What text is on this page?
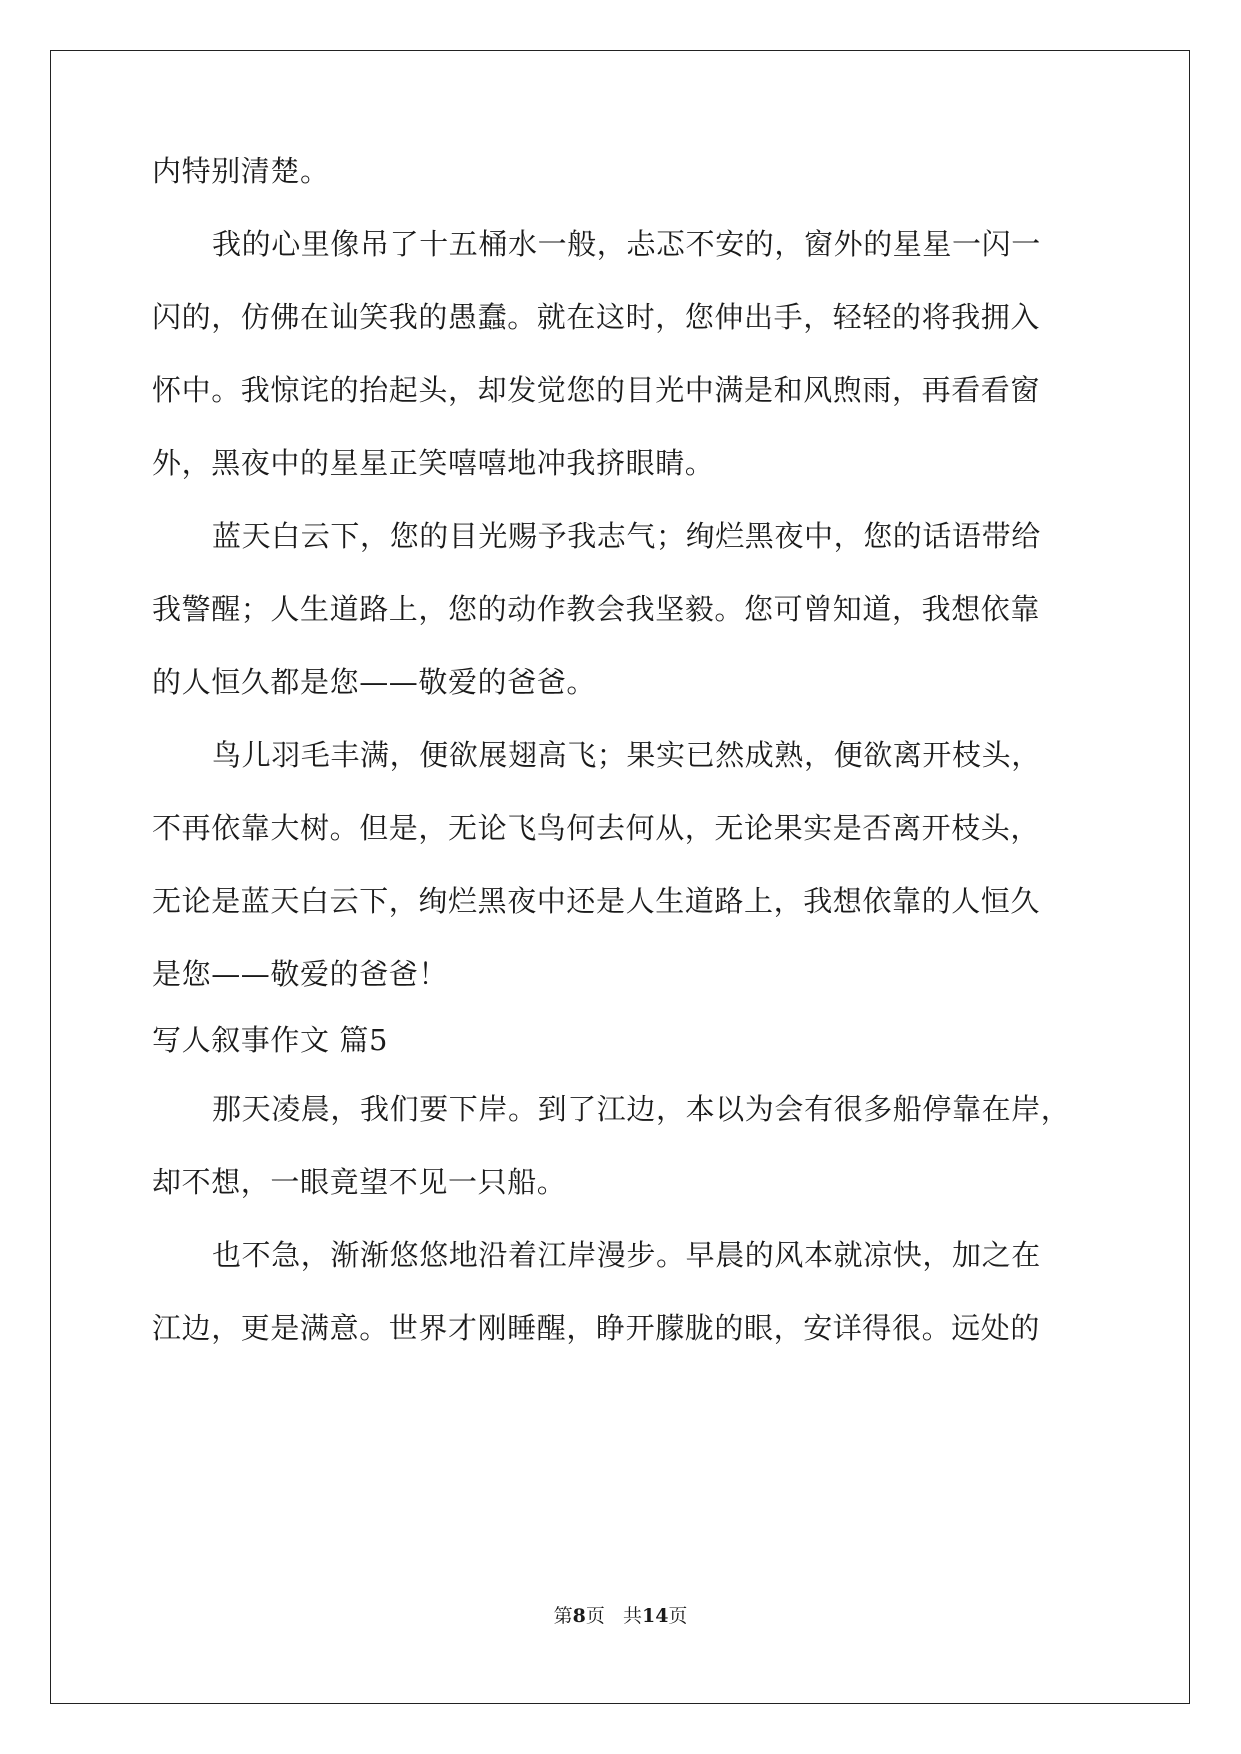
内特别清楚。
我的心里像吊了十五桶水一般，忐忑不安的，窗外的星星一闪一
闪的，仿佛在讪笑我的愚蠢。就在这时，您伸出手，轻轻的将我拥入
怀中。我惊诧的抬起头，却发觉您的目光中满是和风煦雨，再看看窗
外，黑夜中的星星正笑嘻嘻地冲我挤眼睛。
蓝天白云下，您的目光赐予我志气；绚烂黑夜中，您的话语带给
我警醒；人生道路上，您的动作教会我坚毅。您可曾知道，我想依靠
的人恒久都是您——敬爱的爸爸。
鸟儿羽毛丰满，便欲展翅高飞；果实已然成熟，便欲离开枝头，
不再依靠大树。但是，无论飞鸟何去何从，无论果实是否离开枝头，
无论是蓝天白云下，绚烂黑夜中还是人生道路上，我想依靠的人恒久
是您——敬爱的爸爸！
写人叙事作文 篇5
那天凌晨，我们要下岸。到了江边，本以为会有很多船停靠在岸，
却不想，一眼竟望不见一只船。
也不急，渐渐悠悠地沿着江岸漫步。早晨的风本就凉快，加之在
江边，更是满意。世界才刚睡醒，睁开朦胧的眼，安详得很。远处的
第8页 共14页
